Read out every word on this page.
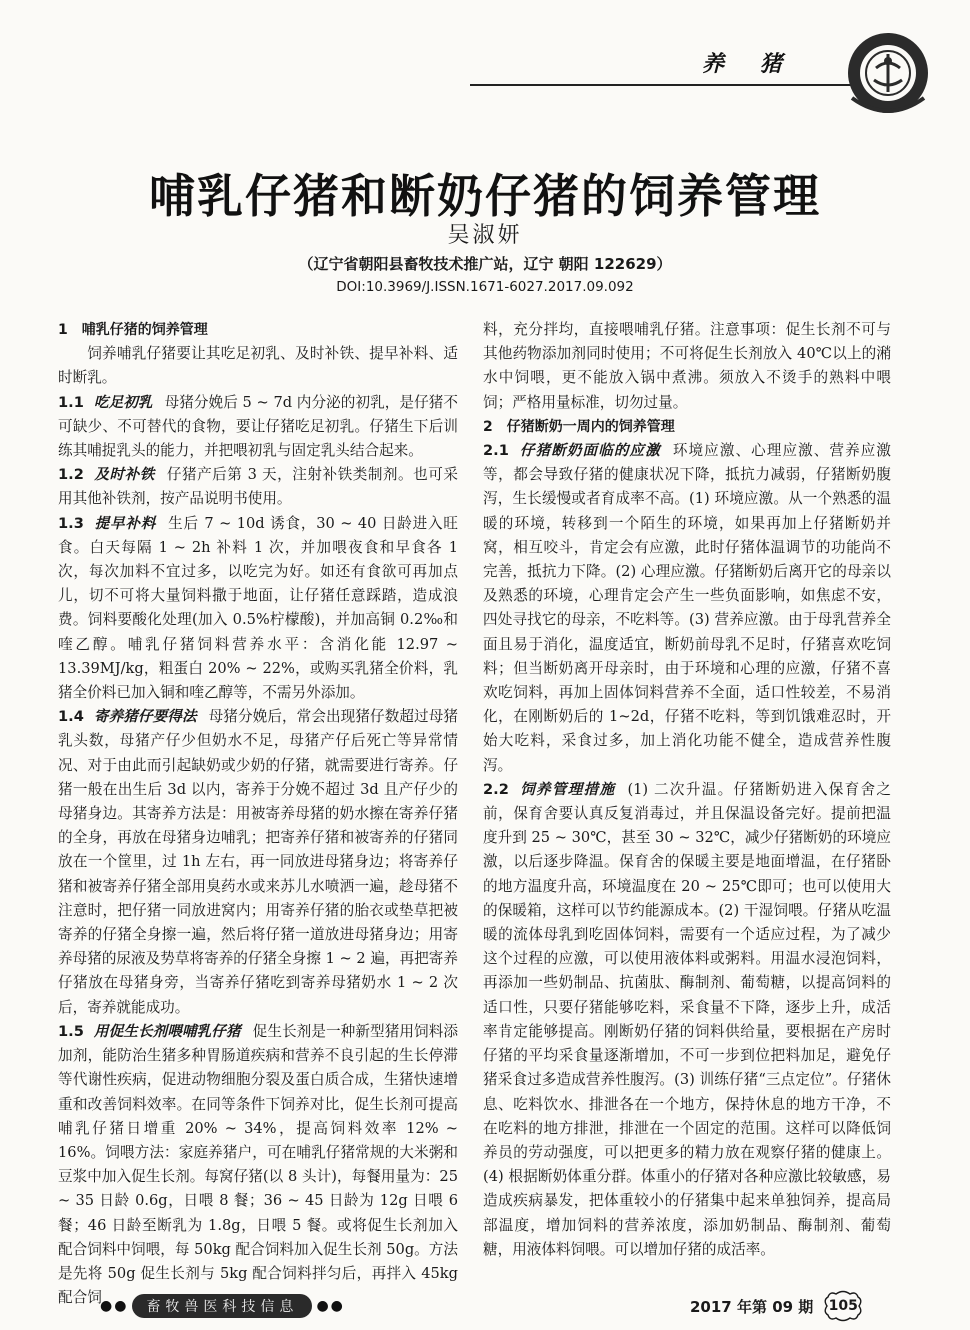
养猪
哺乳仔猪和断奶仔猪的饲养管理
吴淑妍
（辽宁省朝阳县畜牧技术推广站，辽宁 朝阳 122629）
DOI:10.3969/J.ISSN.1671-6027.2017.09.092

1　哺乳仔猪的饲养管理

饲养哺乳仔猪要让其吃足初乳、及时补铁、提早补料、适时断乳。

1.1 吃足初乳 母猪分娩后 5 ~ 7d 内分泌的初乳，是仔猪不可缺少、不可替代的食物，要让仔猪吃足初乳。仔猪生下后训练其哺捉乳头的能力，并把喂初乳与固定乳头结合起来。

1.2 及时补铁 仔猪产后第 3 天，注射补铁类制剂。也可采用其他补铁剂，按产品说明书使用。

1.3 提早补料 生后 7 ~ 10d 诱食，30 ~ 40 日龄进入旺食。白天每隔 1 ~ 2h 补料 1 次，并加喂夜食和早食各 1 次，每次加料不宜过多，以吃完为好。如还有食欲可再加点儿，切不可将大量饲料撒于地面，让仔猪任意踩踏，造成浪费。饲料要酸化处理(加入 0.5%柠檬酸)，并加高铜 0.2‰和喹乙醇。哺乳仔猪饲料营养水平：含消化能 12.97 ~ 13.39MJ/kg，粗蛋白 20% ~ 22%，或购买乳猪全价料，乳猪全价料已加入铜和喹乙醇等，不需另外添加。

1.4 寄养猪仔要得法 母猪分娩后，常会出现猪仔数超过母猪乳头数，母猪产仔少但奶水不足，母猪产仔后死亡等异常情况、对于由此而引起缺奶或少奶的仔猪，就需要进行寄养。仔猪一般在出生后 3d 以内，寄养于分娩不超过 3d 且产仔少的母猪身边。其寄养方法是：用被寄养母猪的奶水擦在寄养仔猪的全身，再放在母猪身边哺乳；把寄养仔猪和被寄养的仔猪同放在一个筐里，过 1h 左右，再一同放进母猪身边；将寄养仔猪和被寄养仔猪全部用臭药水或来苏儿水喷洒一遍，趁母猪不注意时，把仔猪一同放进窝内；用寄养仔猪的胎衣或垫草把被寄养的仔猪全身擦一遍，然后将仔猪一道放进母猪身边；用寄养母猪的尿液及势草将寄养的仔猪全身擦 1 ~ 2 遍，再把寄养仔猪放在母猪身旁，当寄养仔猪吃到寄养母猪奶水 1 ~ 2 次后，寄养就能成功。

1.5 用促生长剂喂哺乳仔猪 促生长剂是一种新型猪用饲料添加剂，能防治生猪多种胃肠道疾病和营养不良引起的生长停滞等代谢性疾病，促进动物细胞分裂及蛋白质合成，生猪快速增重和改善饲料效率。在同等条件下饲养对比，促生长剂可提高哺乳仔猪日增重 20% ~ 34%，提高饲料效率 12% ~ 16%。饲喂方法：家庭养猪户，可在哺乳仔猪常规的大米粥和豆浆中加入促生长剂。每窝仔猪(以 8 头计)，每餐用量为：25 ~ 35 日龄 0.6g，日喂 8 餐；36 ~ 45 日龄为 12g 日喂 6 餐；46 日龄至断乳为 1.8g，日喂 5 餐。或将促生长剂加入配合饲料中饲喂，每 50kg 配合饲料加入促生长剂 50g。方法是先将 50g 促生长剂与 5kg 配合饲料拌匀后，再拌入 45kg 配合饲

料，充分拌均，直接喂哺乳仔猪。注意事项：促生长剂不可与其他药物添加剂同时使用；不可将促生长剂放入 40℃以上的潲水中饲喂，更不能放入锅中煮沸。须放入不烫手的熟料中喂饲；严格用量标准，切勿过量。

2　仔猪断奶一周内的饲养管理

2.1 仔猪断奶面临的应激 环境应激、心理应激、营养应激等，都会导致仔猪的健康状况下降，抵抗力减弱，仔猪断奶腹泻，生长缓慢或者育成率不高。(1) 环境应激。从一个熟悉的温暖的环境，转移到一个陌生的环境，如果再加上仔猪断奶并窝，相互咬斗，肯定会有应激，此时仔猪体温调节的功能尚不完善，抵抗力下降。(2) 心理应激。仔猪断奶后离开它的母亲以及熟悉的环境，心理肯定会产生一些负面影响，如焦虑不安，四处寻找它的母亲，不吃料等。(3) 营养应激。由于母乳营养全面且易于消化，温度适宜，断奶前母乳不足时，仔猪喜欢吃饲料；但当断奶离开母亲时，由于环境和心理的应激，仔猪不喜欢吃饲料，再加上固体饲料营养不全面，适口性较差，不易消化，在刚断奶后的 1~2d，仔猪不吃料，等到饥饿难忍时，开始大吃料，采食过多，加上消化功能不健全，造成营养性腹泻。

2.2 饲养管理措施 (1) 二次升温。仔猪断奶进入保育舍之前，保育舍要认真反复消毒过，并且保温设备完好。提前把温度升到 25 ~ 30℃，甚至 30 ~ 32℃，减少仔猪断奶的环境应激，以后逐步降温。保育舍的保暖主要是地面增温，在仔猪卧的地方温度升高，环境温度在 20 ~ 25℃即可；也可以使用大的保暖箱，这样可以节约能源成本。(2) 干湿饲喂。仔猪从吃温暖的流体母乳到吃固体饲料，需要有一个适应过程，为了减少这个过程的应激，可以使用液体料或粥料。用温水浸泡饲料，再添加一些奶制品、抗菌肽、酶制剂、葡萄糖，以提高饲料的适口性，只要仔猪能够吃料，采食量不下降，逐步上升，成活率肯定能够提高。刚断奶仔猪的饲料供给量，要根据在产房时仔猪的平均采食量逐渐增加，不可一步到位把料加足，避免仔猪采食过多造成营养性腹泻。(3) 训练仔猪“三点定位”。仔猪休息、吃料饮水、排泄各在一个地方，保持休息的地方干净，不在吃料的地方排泄，排泄在一个固定的范围。这样可以降低饲养员的劳动强度，可以把更多的精力放在观察仔猪的健康上。(4) 根据断奶体重分群。体重小的仔猪对各种应激比较敏感，易造成疾病暴发，把体重较小的仔猪集中起来单独饲养，提高局部温度，增加饲料的营养浓度，添加奶制品、酶制剂、葡萄糖，用液体料饲喂。可以增加仔猪的成活率。

●●	畜牧兽医科技信息	●●	2017 年第 09 期	105
